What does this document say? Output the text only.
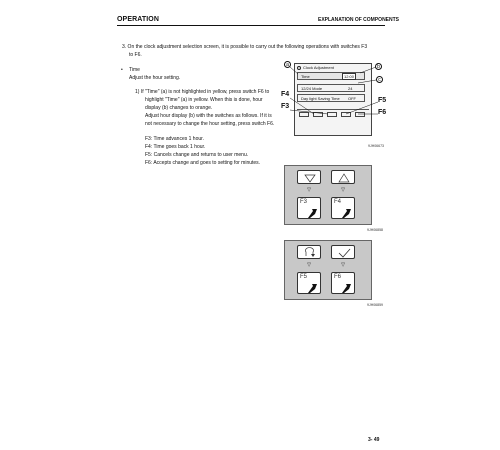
OPERATION	EXPLANATION OF COMPONENTS
3. On the clock adjustment selection screen, it is possible to carry out the following operations with switches F3
to F6.
• Time
Adjust the hour setting.
1) If "Time" (a) is not highlighted in yellow, press switch F6 to
highlight "Time" (a) in yellow. When this is done, hour
display (b) changes to orange.
Adjust hour display (b) with the switches as follows. If it is
not necessary to change the hour setting, press switch F6.
F3: Time advances 1 hour.
F4: Time goes back 1 hour.
F5: Cancels change and returns to user menu.
F6: Accepts change and goes to setting for minutes.
Clock Adjustment
Time	12:00
12/24 Mode	24
Day light Saving Time OFF
a	b
c
F4
F3
F5
F6
9JH06673
▽	▽
F3	F4
9JH06858
▽	▽
F5	F6
9JH06859
3- 49
